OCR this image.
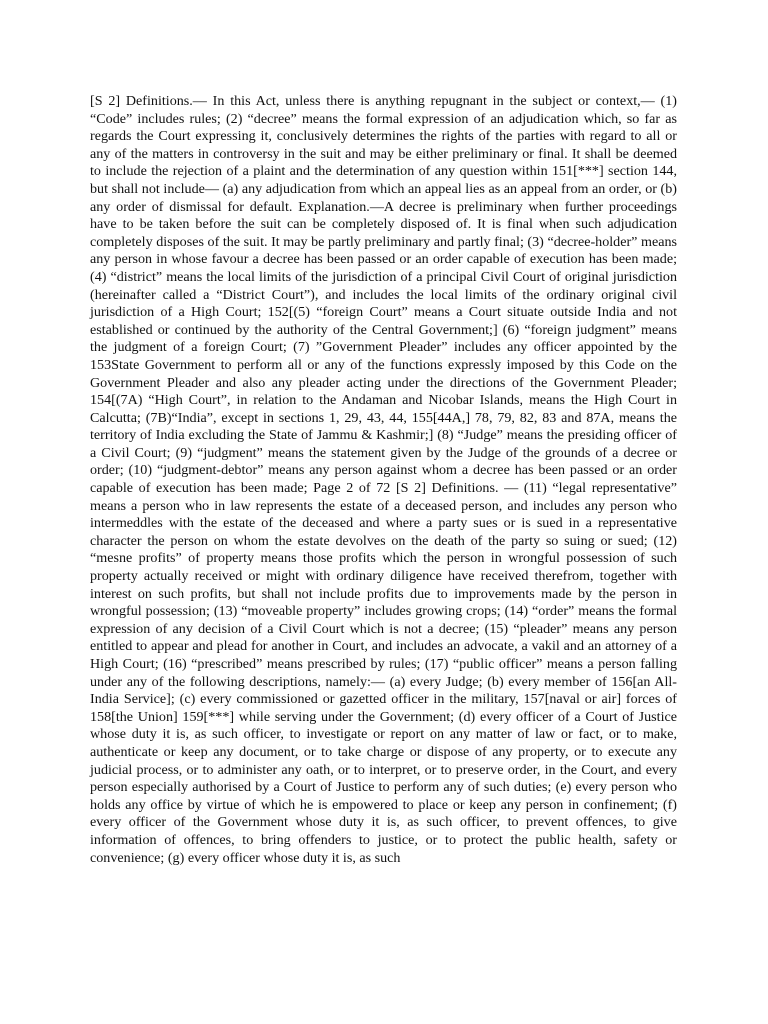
[S 2] Definitions.— In this Act, unless there is anything repugnant in the subject or context,— (1) “Code” includes rules; (2) “decree” means the formal expression of an adjudication which, so far as regards the Court expressing it, conclusively determines the rights of the parties with regard to all or any of the matters in controversy in the suit and may be either preliminary or final. It shall be deemed to include the rejection of a plaint and the determination of any question within 151[***] section 144, but shall not include— (a) any adjudication from which an appeal lies as an appeal from an order, or (b) any order of dismissal for default. Explanation.—A decree is preliminary when further proceedings have to be taken before the suit can be completely disposed of. It is final when such adjudication completely disposes of the suit. It may be partly preliminary and partly final; (3) “decree-holder” means any person in whose favour a decree has been passed or an order capable of execution has been made; (4) “district” means the local limits of the jurisdiction of a principal Civil Court of original jurisdiction (hereinafter called a “District Court”), and includes the local limits of the ordinary original civil jurisdiction of a High Court; 152[(5) “foreign Court” means a Court situate outside India and not established or continued by the authority of the Central Government;] (6) “foreign judgment” means the judgment of a foreign Court; (7) ”Government Pleader” includes any officer appointed by the 153State Government to perform all or any of the functions expressly imposed by this Code on the Government Pleader and also any pleader acting under the directions of the Government Pleader; 154[(7A) “High Court”, in relation to the Andaman and Nicobar Islands, means the High Court in Calcutta; (7B)“India”, except in sections 1, 29, 43, 44, 155[44A,] 78, 79, 82, 83 and 87A, means the territory of India excluding the State of Jammu & Kashmir;] (8) “Judge” means the presiding officer of a Civil Court; (9) “judgment” means the statement given by the Judge of the grounds of a decree or order; (10) “judgment-debtor” means any person against whom a decree has been passed or an order capable of execution has been made; Page 2 of 72 [S 2] Definitions. — (11) “legal representative” means a person who in law represents the estate of a deceased person, and includes any person who intermeddles with the estate of the deceased and where a party sues or is sued in a representative character the person on whom the estate devolves on the death of the party so suing or sued; (12) “mesne profits” of property means those profits which the person in wrongful possession of such property actually received or might with ordinary diligence have received therefrom, together with interest on such profits, but shall not include profits due to improvements made by the person in wrongful possession; (13) “moveable property” includes growing crops; (14) “order” means the formal expression of any decision of a Civil Court which is not a decree; (15) “pleader” means any person entitled to appear and plead for another in Court, and includes an advocate, a vakil and an attorney of a High Court; (16) “prescribed” means prescribed by rules; (17) “public officer” means a person falling under any of the following descriptions, namely:— (a) every Judge; (b) every member of 156[an All-India Service]; (c) every commissioned or gazetted officer in the military, 157[naval or air] forces of 158[the Union] 159[***] while serving under the Government; (d) every officer of a Court of Justice whose duty it is, as such officer, to investigate or report on any matter of law or fact, or to make, authenticate or keep any document, or to take charge or dispose of any property, or to execute any judicial process, or to administer any oath, or to interpret, or to preserve order, in the Court, and every person especially authorised by a Court of Justice to perform any of such duties; (e) every person who holds any office by virtue of which he is empowered to place or keep any person in confinement; (f) every officer of the Government whose duty it is, as such officer, to prevent offences, to give information of offences, to bring offenders to justice, or to protect the public health, safety or convenience; (g) every officer whose duty it is, as such
